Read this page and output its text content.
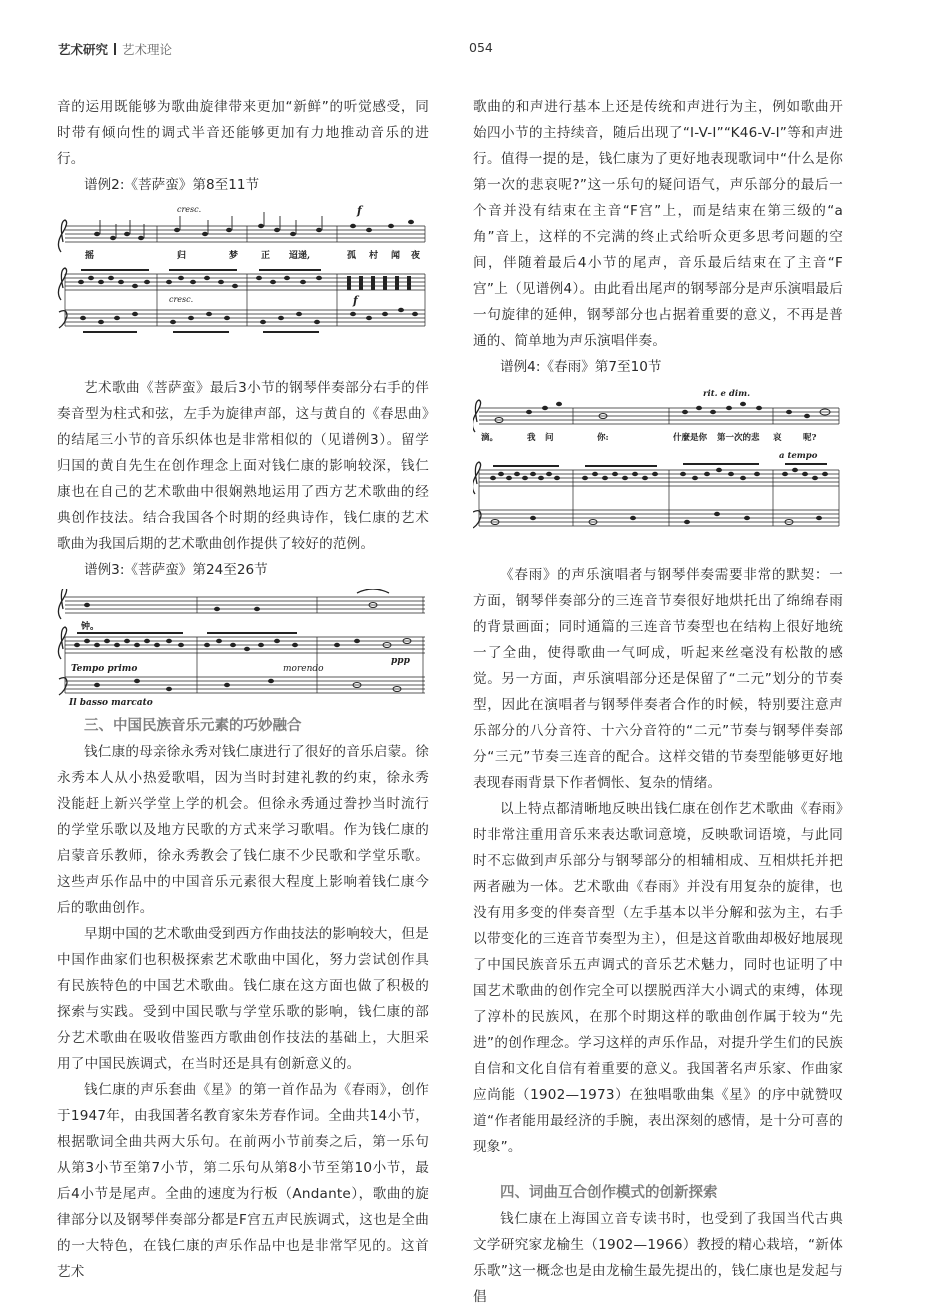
艺术研究 艺术理论	054

音的运用既能够为歌曲旋律带来更加“新鲜”的听觉感受，同时带有倾向性的调式半音还能够更加有力地推动音乐的进行。

谱例2:《菩萨蛮》第8至11节
cresc.
cresc.
f
f
摇	归	梦	正 迢递,	孤 村 闻 夜

艺术歌曲《菩萨蛮》最后3小节的钢琴伴奏部分右手的伴奏音型为柱式和弦，左手为旋律声部，这与黄自的《春思曲》的结尾三小节的音乐织体也是非常相似的（见谱例3）。留学归国的黄自先生在创作理念上面对钱仁康的影响较深，钱仁康也在自己的艺术歌曲中很娴熟地运用了西方艺术歌曲的经典创作技法。结合我国各个时期的经典诗作，钱仁康的艺术歌曲为我国后期的艺术歌曲创作提供了较好的范例。

谱例3:《菩萨蛮》第24至26节
钟。
Tempo primo	morendo
ppp
Il basso marcato
三、中国民族音乐元素的巧妙融合

钱仁康的母亲徐永秀对钱仁康进行了很好的音乐启蒙。徐永秀本人从小热爱歌唱，因为当时封建礼教的约束，徐永秀没能赶上新兴学堂上学的机会。但徐永秀通过誊抄当时流行的学堂乐歌以及地方民歌的方式来学习歌唱。作为钱仁康的启蒙音乐教师，徐永秀教会了钱仁康不少民歌和学堂乐歌。这些声乐作品中的中国音乐元素很大程度上影响着钱仁康今后的歌曲创作。

早期中国的艺术歌曲受到西方作曲技法的影响较大，但是中国作曲家们也积极探索艺术歌曲中国化，努力尝试创作具有民族特色的中国艺术歌曲。钱仁康在这方面也做了积极的探索与实践。受到中国民歌与学堂乐歌的影响，钱仁康的部分艺术歌曲在吸收借鉴西方歌曲创作技法的基础上，大胆采用了中国民族调式，在当时还是具有创新意义的。

钱仁康的声乐套曲《星》的第一首作品为《春雨》，创作于1947年，由我国著名教育家朱芳春作词。全曲共14小节，根据歌词全曲共两大乐句。在前两小节前奏之后，第一乐句从第3小节至第7小节，第二乐句从第8小节至第10小节，最后4小节是尾声。全曲的速度为行板（Andante），歌曲的旋律部分以及钢琴伴奏部分都是F宫五声民族调式，这也是全曲的一大特色，在钱仁康的声乐作品中也是非常罕见的。这首艺术

歌曲的和声进行基本上还是传统和声进行为主，例如歌曲开始四小节的主持续音，随后出现了“I-V-I”“K46-V-I”等和声进行。值得一提的是，钱仁康为了更好地表现歌词中“什么是你第一次的悲哀呢?”这一乐句的疑问语气，声乐部分的最后一个音并没有结束在主音“F宫”上，而是结束在第三级的“a角”音上，这样的不完满的终止式给听众更多思考问题的空间，伴随着最后4小节的尾声，音乐最后结束在了主音“F宫”上（见谱例4）。由此看出尾声的钢琴部分是声乐演唱最后一句旋律的延伸，钢琴部分也占据着重要的意义，不再是普通的、简单地为声乐演唱伴奏。

谱例4:《春雨》第7至10节
rit. e dim.
a tempo
滴。	我 问	你:	什麼是你 第一次的悲 哀	呢?

《春雨》的声乐演唱者与钢琴伴奏需要非常的默契：一方面，钢琴伴奏部分的三连音节奏很好地烘托出了绵绵春雨的背景画面；同时通篇的三连音节奏型也在结构上很好地统一了全曲，使得歌曲一气呵成，听起来丝毫没有松散的感觉。另一方面，声乐演唱部分还是保留了“二元”划分的节奏型，因此在演唱者与钢琴伴奏者合作的时候，特别要注意声乐部分的八分音符、十六分音符的“二元”节奏与钢琴伴奏部分“三元”节奏三连音的配合。这样交错的节奏型能够更好地表现春雨背景下作者惆怅、复杂的情绪。

以上特点都清晰地反映出钱仁康在创作艺术歌曲《春雨》时非常注重用音乐来表达歌词意境，反映歌词语境，与此同时不忘做到声乐部分与钢琴部分的相辅相成、互相烘托并把两者融为一体。艺术歌曲《春雨》并没有用复杂的旋律，也没有用多变的伴奏音型（左手基本以半分解和弦为主，右手以带变化的三连音节奏型为主），但是这首歌曲却极好地展现了中国民族音乐五声调式的音乐艺术魅力，同时也证明了中国艺术歌曲的创作完全可以摆脱西洋大小调式的束缚，体现了淳朴的民族风，在那个时期这样的歌曲创作属于较为“先进”的创作理念。学习这样的声乐作品，对提升学生们的民族自信和文化自信有着重要的意义。我国著名声乐家、作曲家应尚能（1902—1973）在独唱歌曲集《星》的序中就赞叹道“作者能用最经济的手腕，表出深刻的感情，是十分可喜的现象”。

四、词曲互合创作模式的创新探索

钱仁康在上海国立音专读书时，也受到了我国当代古典文学研究家龙榆生（1902—1966）教授的精心栽培，“新体乐歌”这一概念也是由龙榆生最先提出的，钱仁康也是发起与倡
